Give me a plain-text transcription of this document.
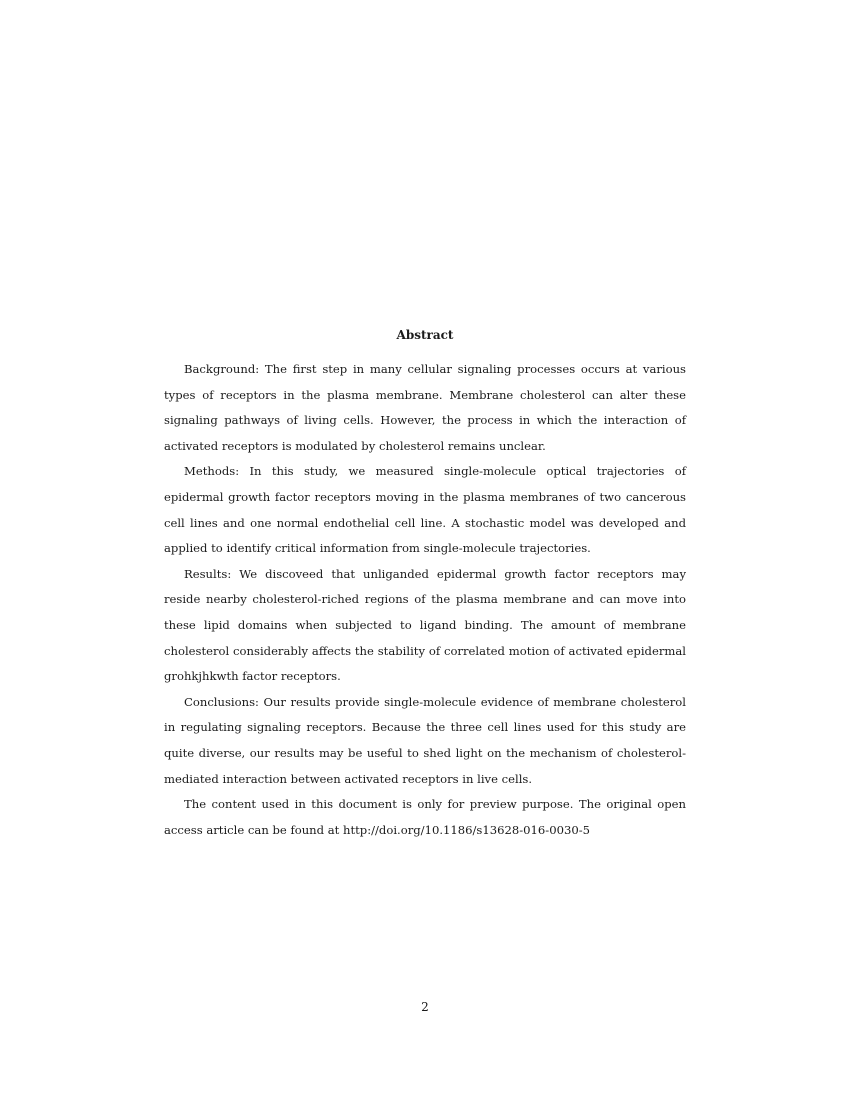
Abstract

Background: The first step in many cellular signaling processes occurs at various types of receptors in the plasma membrane. Membrane cholesterol can alter these signaling pathways of living cells. However, the process in which the interaction of activated receptors is modulated by cholesterol remains unclear.

Methods: In this study, we measured single-molecule optical trajectories of epidermal growth factor receptors moving in the plasma membranes of two cancerous cell lines and one normal endothelial cell line. A stochastic model was developed and applied to identify critical information from single-molecule trajectories.

Results: We discoveed that unliganded epidermal growth factor receptors may reside nearby cholesterol-riched regions of the plasma membrane and can move into these lipid domains when subjected to ligand binding. The amount of membrane cholesterol considerably affects the stability of correlated motion of activated epidermal grohkjhkwth factor receptors.

Conclusions: Our results provide single-molecule evidence of membrane cholesterol in regulating signaling receptors. Because the three cell lines used for this study are quite diverse, our results may be useful to shed light on the mechanism of cholesterol-mediated interaction between activated receptors in live cells.

The content used in this document is only for preview purpose. The original open access article can be found at http://doi.org/10.1186/s13628-016-0030-5

2
